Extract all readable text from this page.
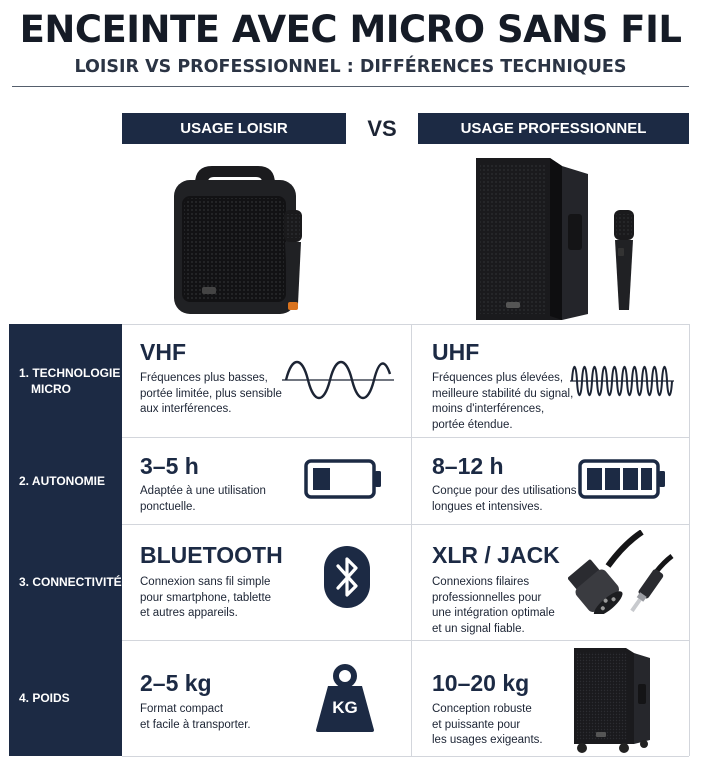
ENCEINTE AVEC MICRO SANS FIL
LOISIR VS PROFESSIONNEL : DIFFÉRENCES TECHNIQUES
USAGE LOISIR	VS	USAGE PROFESSIONNEL
1. TECHNOLOGIE
MICRO
2. AUTONOMIE
3. CONNECTIVITÉ
4. POIDS
VHF
Fréquences plus basses,
portée limitée, plus sensible
aux interférences.
UHF
Fréquences plus élevées,
meilleure stabilité du signal,
moins d'interférences,
portée étendue.
3–5 h
Adaptée à une utilisation
ponctuelle.
8–12 h
Conçue pour des utilisations
longues et intensives.
BLUETOOTH
Connexion sans fil simple
pour smartphone, tablette
et autres appareils.
XLR / JACK
Connexions filaires
professionnelles pour
une intégration optimale
et un signal fiable.
2–5 kg
Format compact
et facile à transporter.
KG
10–20 kg
Conception robuste
et puissante pour
les usages exigeants.
